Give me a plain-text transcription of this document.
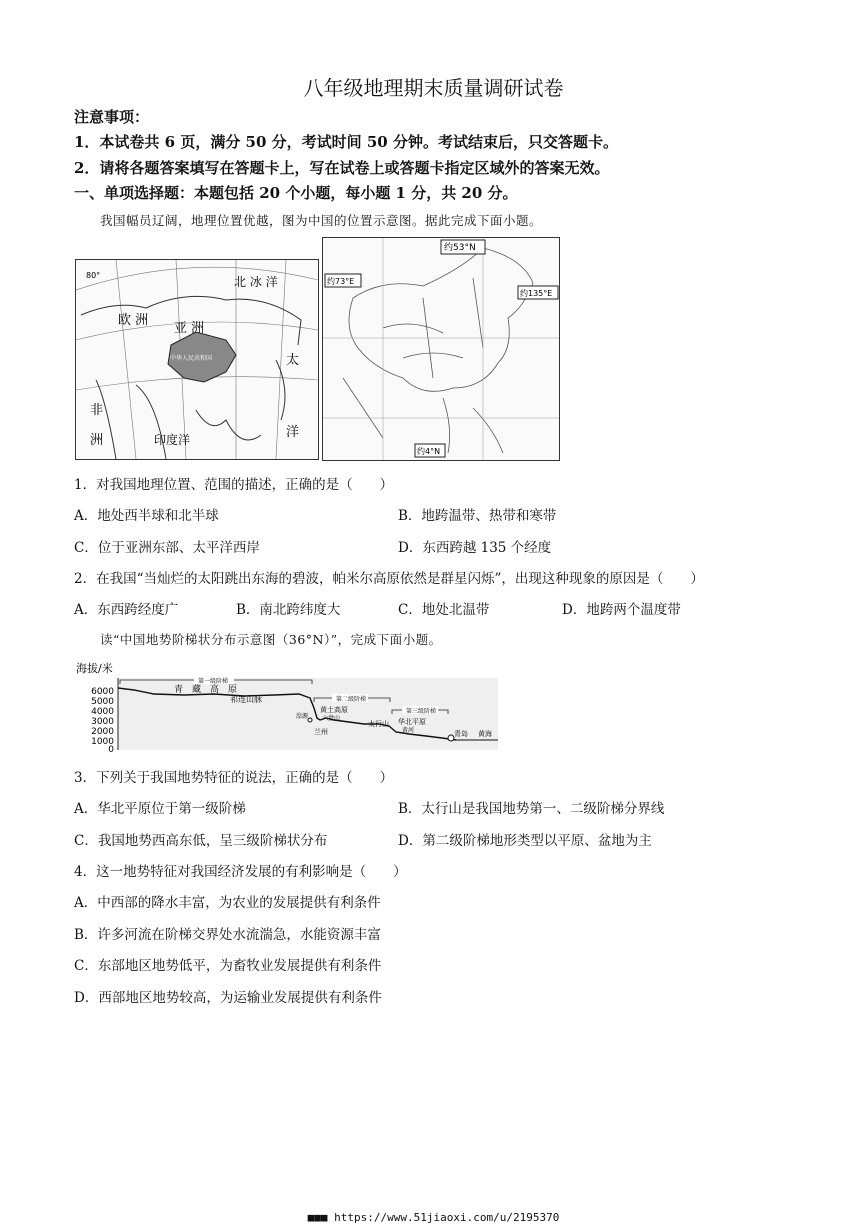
八年级地理期末质量调研试卷
注意事项：
1．本试卷共 6 页，满分 50 分，考试时间 50 分钟。考试结束后，只交答题卡。
2．请将各题答案填写在答题卡上，写在试卷上或答题卡指定区域外的答案无效。
一、单项选择题：本题包括 20 个小题，每小题 1 分，共 20 分。
我国幅员辽阔，地理位置优越，图为中国的位置示意图。据此完成下面小题。
北 冰 洋
80°
欧 洲
亚 洲
中华人民共和国	太
洋
非
洲	印度洋
约53°N
约73°E
约135°E
约4°N
1．对我国地理位置、范围的描述，正确的是（　　）
A．地处西半球和北半球	B．地跨温带、热带和寒带
C．位于亚洲东部、太平洋西岸	D．东西跨越 135 个经度
2．在我国“当灿烂的太阳跳出东海的碧波，帕米尔高原依然是群星闪烁”，出现这种现象的原因是（　　）
A．东西跨经度广	B．南北跨纬度大	C．地处北温带	D．地跨两个温度带
读“中国地势阶梯状分布示意图（36°N）”，完成下面小题。
海拔/米
6000
5000
4000
3000
2000
1000
0
第一级阶梯
第二级阶梯
第三级阶梯
青　藏　高　原
祁连山脉
黄土高原
六盘山
太行山 华北平原
黄河
湟源
兰州	青岛 黄海
3．下列关于我国地势特征的说法，正确的是（　　）
A．华北平原位于第一级阶梯	B．太行山是我国地势第一、二级阶梯分界线
C．我国地势西高东低，呈三级阶梯状分布	D．第二级阶梯地形类型以平原、盆地为主
4．这一地势特征对我国经济发展的有利影响是（　　）
A．中西部的降水丰富，为农业的发展提供有利条件
B．许多河流在阶梯交界处水流湍急，水能资源丰富
C．东部地区地势低平，为畜牧业发展提供有利条件
D．西部地区地势较高，为运输业发展提供有利条件
■■■ https://www.51jiaoxi.com/u/2195370
